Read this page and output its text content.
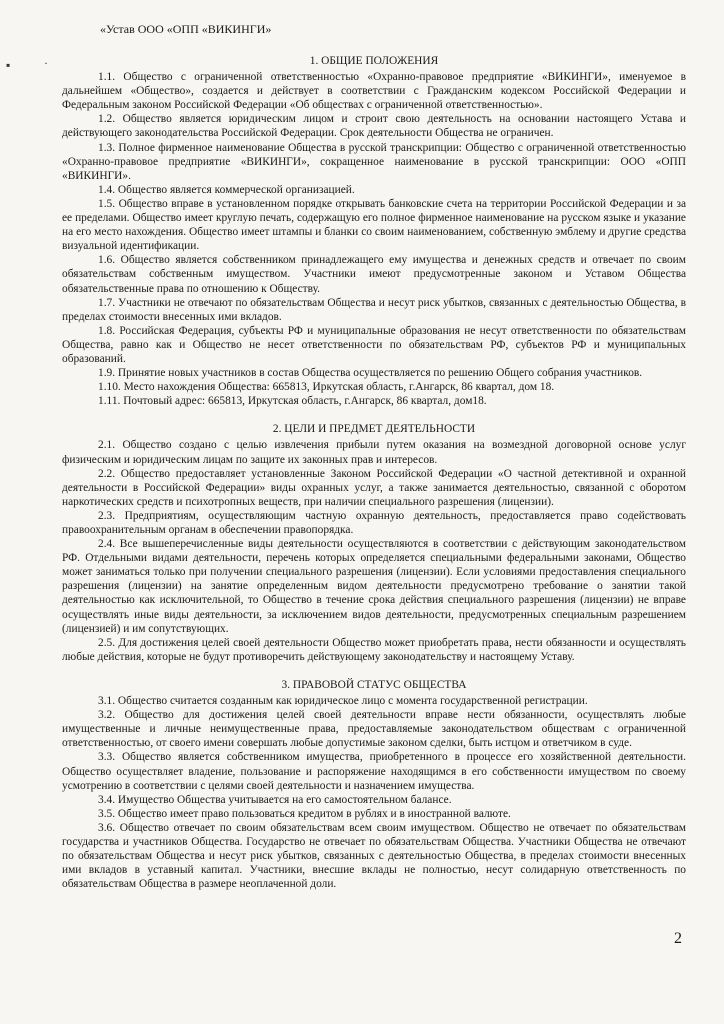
«Устав ООО «ОПП «ВИКИНГИ»
▪	·	1. ОБЩИЕ ПОЛОЖЕНИЯ

1.1. Общество с ограниченной ответственностью «Охранно-правовое предприятие «ВИКИНГИ», именуемое в дальнейшем «Общество», создается и действует в соответствии с Гражданским кодексом Российской Федерации и Федеральным законом Российской Федерации «Об обществах с ограниченной ответственностью».

1.2. Общество является юридическим лицом и строит свою деятельность на основании настоящего Устава и действующего законодательства Российской Федерации. Срок деятельности Общества не ограничен.

1.3. Полное фирменное наименование Общества в русской транскрипции: Общество с ограниченной ответственностью «Охранно-правовое предприятие «ВИКИНГИ», сокращенное наименование в русской транскрипции: ООО «ОПП «ВИКИНГИ».

1.4. Общество является коммерческой организацией.

1.5. Общество вправе в установленном порядке открывать банковские счета на территории Российской Федерации и за ее пределами. Общество имеет круглую печать, содержащую его полное фирменное наименование на русском языке и указание на его место нахождения. Общество имеет штампы и бланки со своим наименованием, собственную эмблему и другие средства визуальной идентификации.

1.6. Общество является собственником принадлежащего ему имущества и денежных средств и отвечает по своим обязательствам собственным имуществом. Участники имеют предусмотренные законом и Уставом Общества обязательственные права по отношению к Обществу.

1.7. Участники не отвечают по обязательствам Общества и несут риск убытков, связанных с деятельностью Общества, в пределах стоимости внесенных ими вкладов.

1.8. Российская Федерация, субъекты РФ и муниципальные образования не несут ответственности по обязательствам Общества, равно как и Общество не несет ответственности по обязательствам РФ, субъектов РФ и муниципальных образований.

1.9. Принятие новых участников в состав Общества осуществляется по решению Общего собрания участников.

1.10. Место нахождения Общества: 665813, Иркутская область, г.Ангарск, 86 квартал, дом 18.

1.11. Почтовый адрес: 665813, Иркутская область, г.Ангарск, 86 квартал, дом18.

2. ЦЕЛИ И ПРЕДМЕТ ДЕЯТЕЛЬНОСТИ

2.1. Общество создано с целью извлечения прибыли путем оказания на возмездной договорной основе услуг физическим и юридическим лицам по защите их законных прав и интересов.

2.2. Общество предоставляет установленные Законом Российской Федерации «О частной детективной и охранной деятельности в Российской Федерации» виды охранных услуг, а также занимается деятельностью, связанной с оборотом наркотических средств и психотропных веществ, при наличии специального разрешения (лицензии).

2.3. Предприятиям, осуществляющим частную охранную деятельность, предоставляется право содействовать правоохранительным органам в обеспечении правопорядка.

2.4. Все вышеперечисленные виды деятельности осуществляются в соответствии с действующим законодательством РФ. Отдельными видами деятельности, перечень которых определяется специальными федеральными законами, Общество может заниматься только при получении специального разрешения (лицензии). Если условиями предоставления специального разрешения (лицензии) на занятие определенным видом деятельности предусмотрено требование о занятии такой деятельностью как исключительной, то Общество в течение срока действия специального разрешения (лицензии) не вправе осуществлять иные виды деятельности, за исключением видов деятельности, предусмотренных специальным разрешением (лицензией) и им сопутствующих.

2.5. Для достижения целей своей деятельности Общество может приобретать права, нести обязанности и осуществлять любые действия, которые не будут противоречить действующему законодательству и настоящему Уставу.

3. ПРАВОВОЙ СТАТУС ОБЩЕСТВА

3.1. Общество считается созданным как юридическое лицо с момента государственной регистрации.

3.2. Общество для достижения целей своей деятельности вправе нести обязанности, осуществлять любые имущественные и личные неимущественные права, предоставляемые законодательством обществам с ограниченной ответственностью, от своего имени совершать любые допустимые законом сделки, быть истцом и ответчиком в суде.

3.3. Общество является собственником имущества, приобретенного в процессе его хозяйственной деятельности. Общество осуществляет владение, пользование и распоряжение находящимся в его собственности имуществом по своему усмотрению в соответствии с целями своей деятельности и назначением имущества.

3.4. Имущество Общества учитывается на его самостоятельном балансе.

3.5. Общество имеет право пользоваться кредитом в рублях и в иностранной валюте.

3.6. Общество отвечает по своим обязательствам всем своим имуществом. Общество не отвечает по обязательствам государства и участников Общества. Государство не отвечает по обязательствам Общества. Участники Общества не отвечают по обязательствам Общества и несут риск убытков, связанных с деятельностью Общества, в пределах стоимости внесенных ими вкладов в уставный капитал. Участники, внесшие вклады не полностью, несут солидарную ответственность по обязательствам Общества в размере неоплаченной доли.

2
